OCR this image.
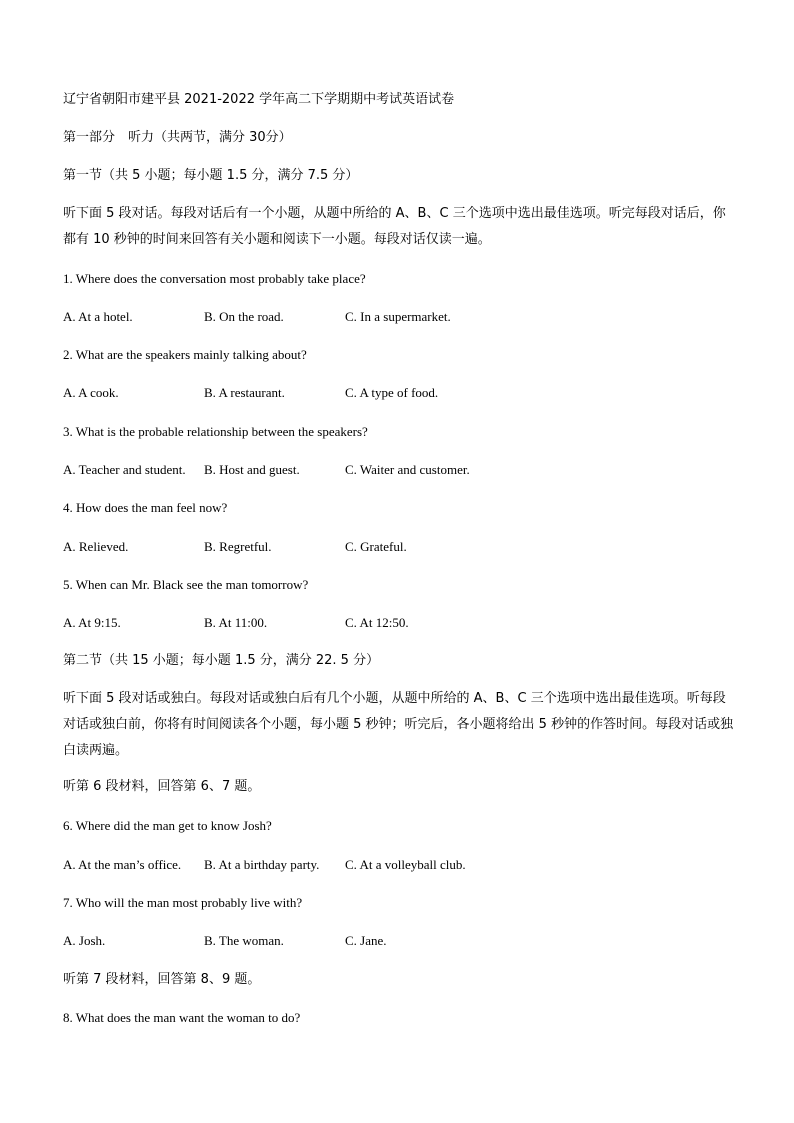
辽宁省朝阳市建平县 2021-2022 学年高二下学期期中考试英语试卷
第一部分　听力（共两节，满分 30分）
第一节（共 5 小题；每小题 1.5 分，满分 7.5 分）
听下面 5 段对话。每段对话后有一个小题，从题中所给的 A、B、C 三个选项中选出最佳选项。听完每段对话后，你都有 10 秒钟的时间来回答有关小题和阅读下一小题。每段对话仅读一遍。
1. Where does the conversation most probably take place?
A. At a hotel.	B. On the road.	C. In a supermarket.
2. What are the speakers mainly talking about?
A. A cook.	B. A restaurant.	C. A type of food.
3. What is the probable relationship between the speakers?
A. Teacher and student. B. Host and guest.	C. Waiter and customer.
4. How does the man feel now?
A. Relieved.	B. Regretful.	C. Grateful.
5. When can Mr. Black see the man tomorrow?
A. At 9:15.	B. At 11:00.	C. At 12:50.
第二节（共 15 小题；每小题 1.5 分，满分 22. 5 分）
听下面 5 段对话或独白。每段对话或独白后有几个小题，从题中所给的 A、B、C 三个选项中选出最佳选项。听每段对话或独白前，你将有时间阅读各个小题，每小题 5 秒钟；听完后，各小题将给出 5 秒钟的作答时间。每段对话或独白读两遍。
听第 6 段材料，回答第 6、7 题。
6. Where did the man get to know Josh?
A. At the man’s office. B. At a birthday party. C. At a volleyball club.
7. Who will the man most probably live with?
A. Josh.	B. The woman.	C. Jane.
听第 7 段材料，回答第 8、9 题。
8. What does the man want the woman to do?
